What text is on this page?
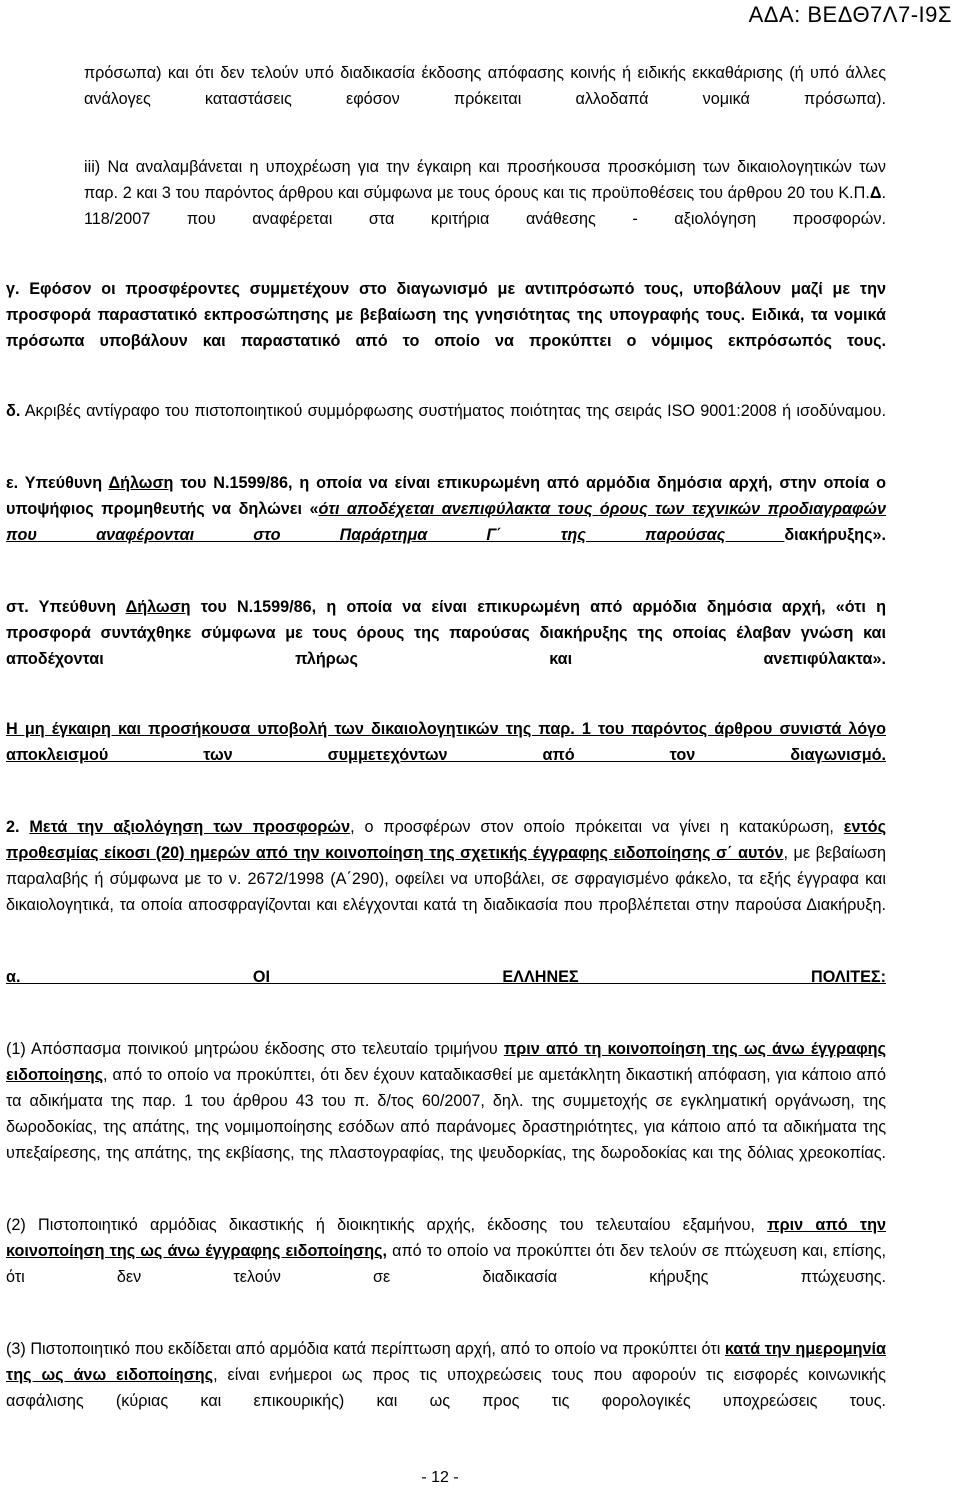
ΑΔΑ: ΒΕΔΘ7Λ7-Ι9Σ

πρόσωπα) και ότι δεν τελούν υπό διαδικασία έκδοσης απόφασης κοινής ή ειδικής εκκαθάρισης (ή υπό άλλες ανάλογες καταστάσεις εφόσον πρόκειται αλλοδαπά νομικά πρόσωπα).

iii) Να αναλαμβάνεται η υποχρέωση για την έγκαιρη και προσήκουσα προσκόμιση των δικαιολογητικών των παρ. 2 και 3 του παρόντος άρθρου και σύμφωνα με τους όρους και τις προϋποθέσεις του άρθρου 20 του Κ.Π.Δ. 118/2007 που αναφέρεται στα κριτήρια ανάθεσης - αξιολόγηση προσφορών.

γ. Εφόσον οι προσφέροντες συμμετέχουν στο διαγωνισμό με αντιπρόσωπό τους, υποβάλουν μαζί με την προσφορά παραστατικό εκπροσώπησης με βεβαίωση της γνησιότητας της υπογραφής τους. Ειδικά, τα νομικά πρόσωπα υποβάλουν και παραστατικό από το οποίο να προκύπτει ο νόμιμος εκπρόσωπός τους.

δ. Ακριβές αντίγραφο του πιστοποιητικού συμμόρφωσης συστήματος ποιότητας της σειράς ISO 9001:2008 ή ισοδύναμου.

ε. Υπεύθυνη Δήλωση του Ν.1599/86, η οποία να είναι επικυρωμένη από αρμόδια δημόσια αρχή, στην οποία ο υποψήφιος προμηθευτής να δηλώνει «ότι αποδέχεται ανεπιφύλακτα τους όρους των τεχνικών προδιαγραφών που αναφέρονται στο Παράρτημα Γ΄ της παρούσας διακήρυξης».

στ. Υπεύθυνη Δήλωση του Ν.1599/86, η οποία να είναι επικυρωμένη από αρμόδια δημόσια αρχή, «ότι η προσφορά συντάχθηκε σύμφωνα με τους όρους της παρούσας διακήρυξης της οποίας έλαβαν γνώση και αποδέχονται πλήρως και ανεπιφύλακτα».

Η μη έγκαιρη και προσήκουσα υποβολή των δικαιολογητικών της παρ. 1 του παρόντος άρθρου συνιστά λόγο αποκλεισμού των συμμετεχόντων από τον διαγωνισμό.

2. Μετά την αξιολόγηση των προσφορών, ο προσφέρων στον οποίο πρόκειται να γίνει η κατακύρωση, εντός προθεσμίας είκοσι (20) ημερών από την κοινοποίηση της σχετικής έγγραφης ειδοποίησης σ΄ αυτόν, με βεβαίωση παραλαβής ή σύμφωνα με το ν. 2672/1998 (Α΄290), οφείλει να υποβάλει, σε σφραγισμένο φάκελο, τα εξής έγγραφα και δικαιολογητικά, τα οποία αποσφραγίζονται και ελέγχονται κατά τη διαδικασία που προβλέπεται στην παρούσα Διακήρυξη.

α. ΟΙ ΕΛΛΗΝΕΣ ΠΟΛΙΤΕΣ:

(1) Απόσπασμα ποινικού μητρώου έκδοσης στο τελευταίο τριμήνου πριν από τη κοινοποίηση της ως άνω έγγραφης ειδοποίησης, από το οποίο να προκύπτει, ότι δεν έχουν καταδικασθεί με αμετάκλητη δικαστική απόφαση, για κάποιο από τα αδικήματα της παρ. 1 του άρθρου 43 του π. δ/τος 60/2007, δηλ. της συμμετοχής σε εγκληματική οργάνωση, της δωροδοκίας, της απάτης, της νομιμοποίησης εσόδων από παράνομες δραστηριότητες, για κάποιο από τα αδικήματα της υπεξαίρεσης, της απάτης, της εκβίασης, της πλαστογραφίας, της ψευδορκίας, της δωροδοκίας και της δόλιας χρεοκοπίας.

(2) Πιστοποιητικό αρμόδιας δικαστικής ή διοικητικής αρχής, έκδοσης του τελευταίου εξαμήνου, πριν από την κοινοποίηση της ως άνω έγγραφης ειδοποίησης, από το οποίο να προκύπτει ότι δεν τελούν σε πτώχευση και, επίσης, ότι δεν τελούν σε διαδικασία κήρυξης πτώχευσης.

(3) Πιστοποιητικό που εκδίδεται από αρμόδια κατά περίπτωση αρχή, από το οποίο να προκύπτει ότι κατά την ημερομηνία της ως άνω ειδοποίησης, είναι ενήμεροι ως προς τις υποχρεώσεις τους που αφορούν τις εισφορές κοινωνικής ασφάλισης (κύριας και επικουρικής) και ως προς τις φορολογικές υποχρεώσεις τους.

- 12 -
